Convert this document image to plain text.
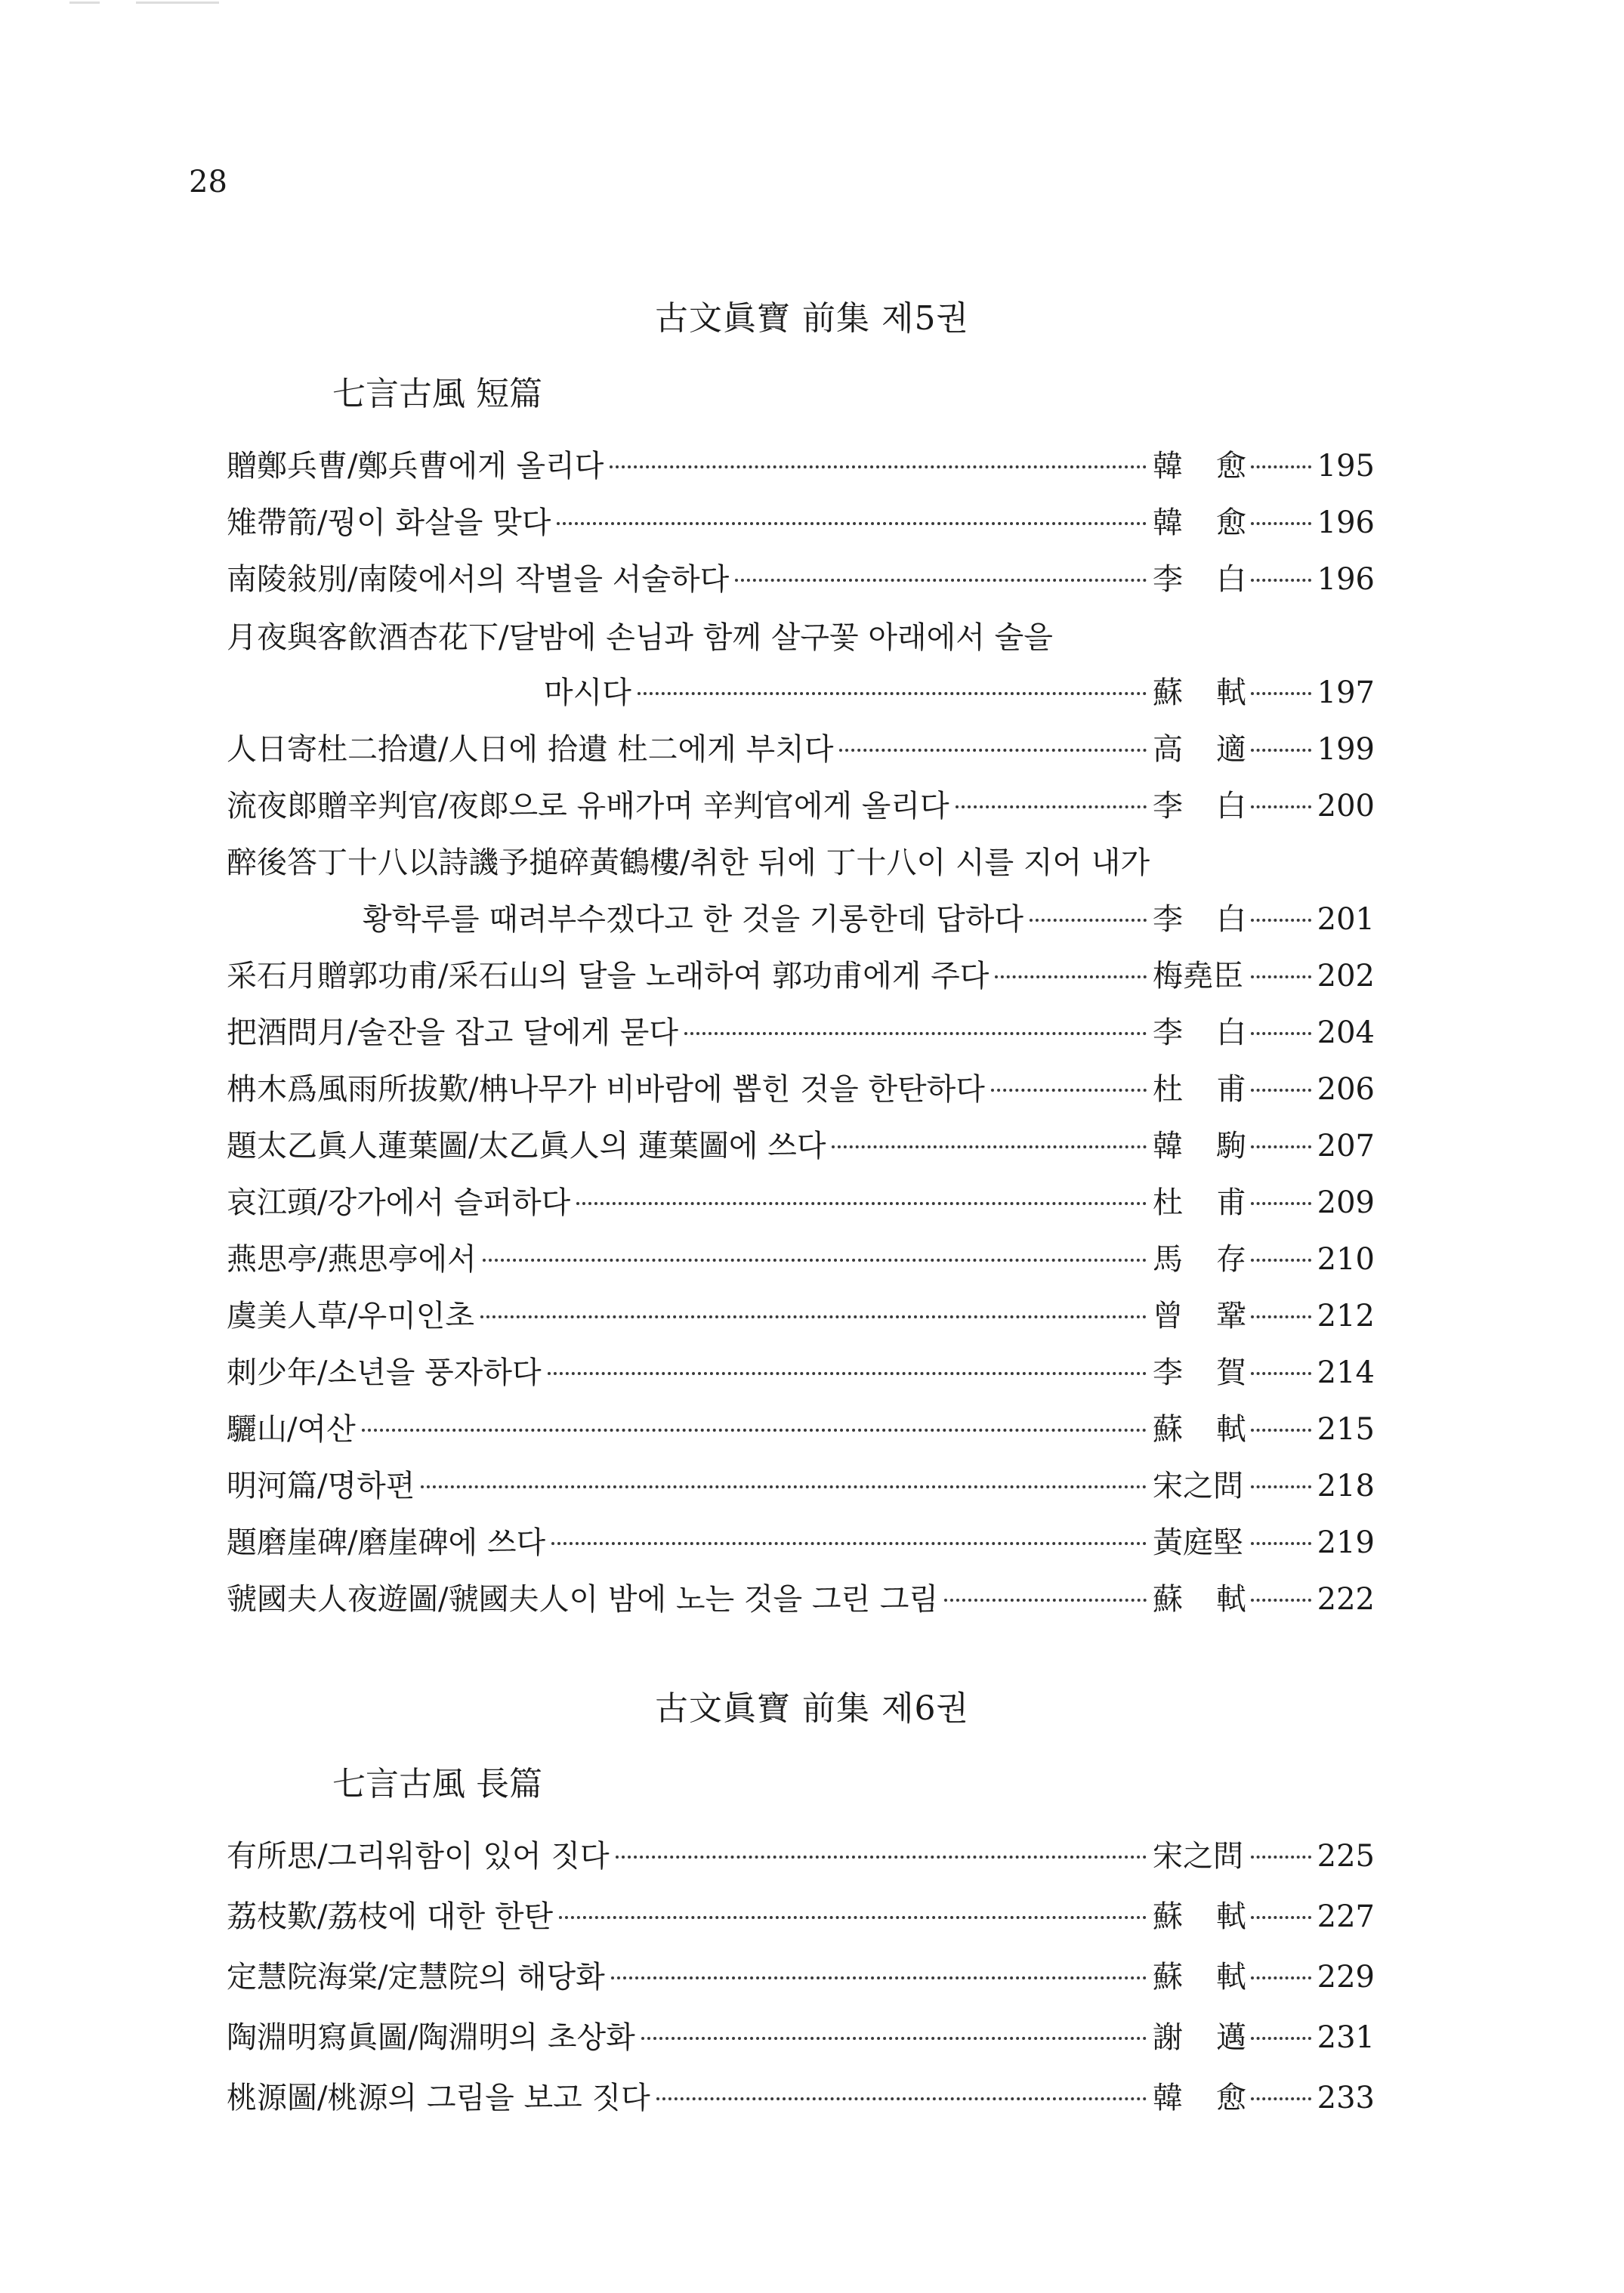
28
古文眞寶 前集 제5권
七言古風 短篇
贈鄭兵曹/鄭兵曹에게 올리다	韓愈 195
雉帶箭/꿩이 화살을 맞다	韓愈 196
南陵敍別/南陵에서의 작별을 서술하다	李白 196
月夜與客飮酒杏花下/달밤에 손님과 함께 살구꽃 아래에서 술을
마시다	蘇軾 197
人日寄杜二拾遺/人日에 拾遺 杜二에게 부치다	高適 199
流夜郞贈辛判官/夜郞으로 유배가며 辛判官에게 올리다	李白 200
醉後答丁十八以詩譏予搥碎黃鶴樓/취한 뒤에 丁十八이 시를 지어 내가
황학루를 때려부수겠다고 한 것을 기롱한데 답하다	李白 201
采石月贈郭功甫/采石山의 달을 노래하여 郭功甫에게 주다	梅堯臣 202
把酒問月/술잔을 잡고 달에게 묻다	李白 204
柟木爲風雨所拔歎/柟나무가 비바람에 뽑힌 것을 한탄하다	杜甫 206
題太乙眞人蓮葉圖/太乙眞人의 蓮葉圖에 쓰다	韓駒 207
哀江頭/강가에서 슬퍼하다	杜甫 209
燕思亭/燕思亭에서	馬存 210
虞美人草/우미인초	曾鞏 212
刺少年/소년을 풍자하다	李賀 214
驪山/여산	蘇軾 215
明河篇/명하편	宋之問 218
題磨崖碑/磨崖碑에 쓰다	黃庭堅 219
虢國夫人夜遊圖/虢國夫人이 밤에 노는 것을 그린 그림	蘇軾 222
古文眞寶 前集 제6권
七言古風 長篇
有所思/그리워함이 있어 짓다	宋之問 225
荔枝歎/荔枝에 대한 한탄	蘇軾 227
定慧院海棠/定慧院의 해당화	蘇軾 229
陶淵明寫眞圖/陶淵明의 초상화	謝邁 231
桃源圖/桃源의 그림을 보고 짓다	韓愈 233
